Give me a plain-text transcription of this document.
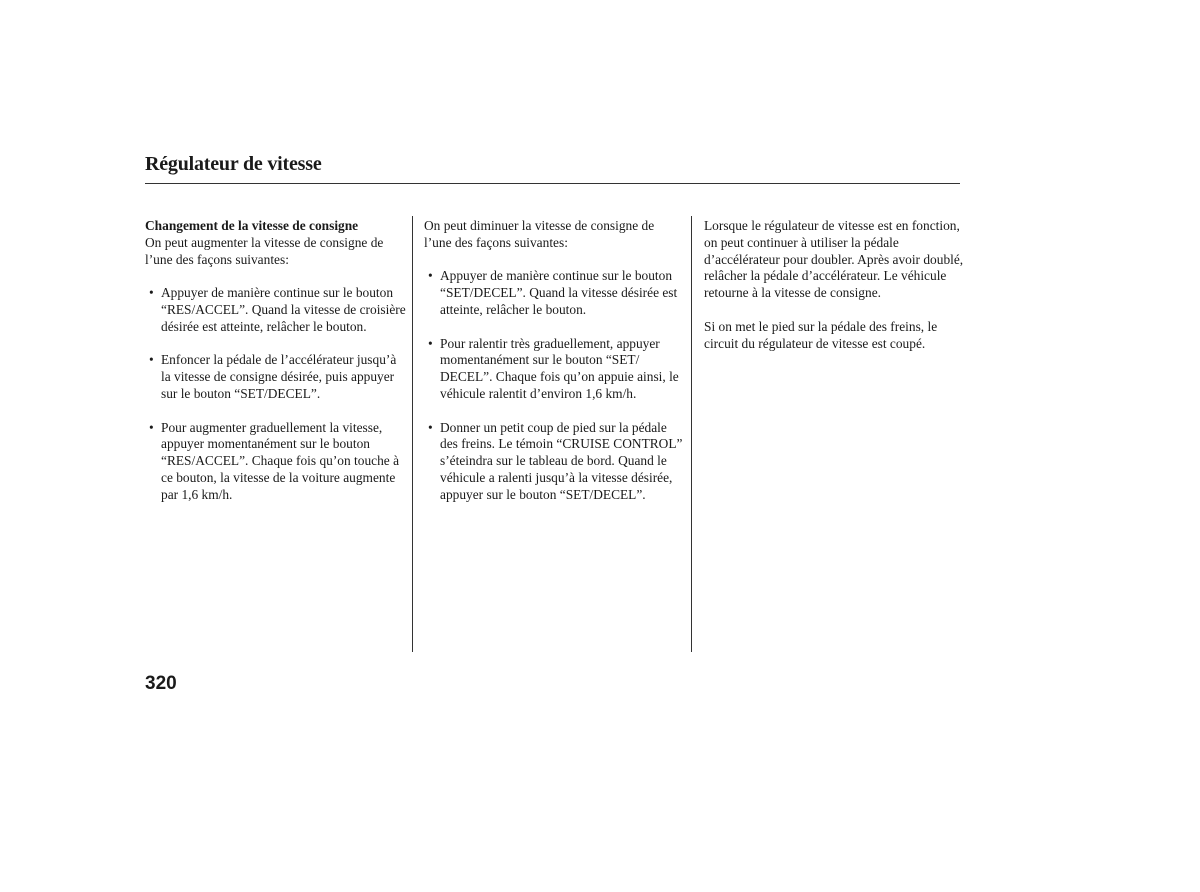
Régulateur de vitesse
Changement de la vitesse de consigne
On peut augmenter la vitesse de consigne de l’une des façons suivantes:
• Appuyer de manière continue sur le bouton “RES/ACCEL”. Quand la vitesse de croisière désirée est atteinte, relâcher le bouton.
• Enfoncer la pédale de l’accélérateur jusqu’à la vitesse de consigne désirée, puis appuyer sur le bouton “SET/DECEL”.
• Pour augmenter graduellement la vitesse, appuyer momentanément sur le bouton “RES/ACCEL”. Chaque fois qu’on touche à ce bouton, la vitesse de la voiture augmente par 1,6 km/h.
On peut diminuer la vitesse de consigne de l’une des façons suivantes:
• Appuyer de manière continue sur le bouton “SET/DECEL”. Quand la vitesse désirée est atteinte, relâcher le bouton.
• Pour ralentir très graduellement, appuyer momentanément sur le bouton “SET/ DECEL”. Chaque fois qu’on appuie ainsi, le véhicule ralentit d’environ 1,6 km/h.
• Donner un petit coup de pied sur la pédale des freins. Le témoin “CRUISE CONTROL” s’éteindra sur le tableau de bord. Quand le véhicule a ralenti jusqu’à la vitesse désirée, appuyer sur le bouton “SET/DECEL”.
Lorsque le régulateur de vitesse est en fonction, on peut continuer à utiliser la pédale d’accélérateur pour doubler. Après avoir doublé, relâcher la pédale d’accélérateur. Le véhicule retourne à la vitesse de consigne.
Si on met le pied sur la pédale des freins, le circuit du régulateur de vitesse est coupé.
320
